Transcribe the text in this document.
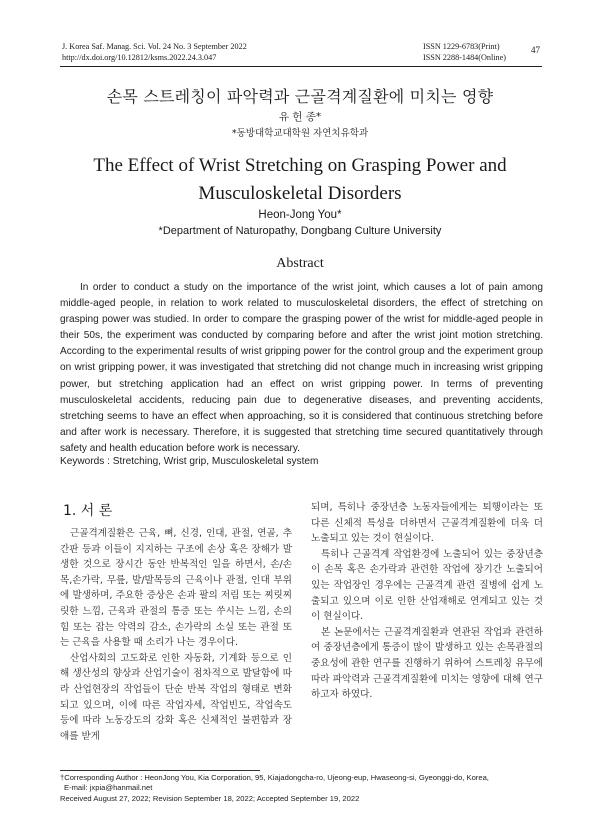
J. Korea Saf. Manag. Sci. Vol. 24 No. 3 September 2022
http://dx.doi.org/10.12812/ksms.2022.24.3.047
ISSN 1229-6783(Print)
ISSN 2288-1484(Online)
47
손목 스트레칭이 파악력과 근골격계질환에 미치는 영향
유 헌 종*
*동방대학교대학원 자연치유학과
The Effect of Wrist Stretching on Grasping Power and
Musculoskeletal Disorders
Heon-Jong You*
*Department of Naturopathy, Dongbang Culture University
Abstract
In order to conduct a study on the importance of the wrist joint, which causes a lot of pain among middle-aged people, in relation to work related to musculoskeletal disorders, the effect of stretching on grasping power was studied. In order to compare the grasping power of the wrist for middle-aged people in their 50s, the experiment was conducted by comparing before and after the wrist joint motion stretching. According to the experimental results of wrist gripping power for the control group and the experiment group on wrist gripping power, it was investigated that stretching did not change much in increasing wrist gripping power, but stretching application had an effect on wrist gripping power. In terms of preventing musculoskeletal accidents, reducing pain due to degenerative diseases, and preventing accidents, stretching seems to have an effect when approaching, so it is considered that continuous stretching before and after work is necessary. Therefore, it is suggested that stretching time secured quantitatively through safety and health education before work is necessary.
Keywords : Stretching, Wrist grip, Musculoskeletal system
1. 서 론

근골격계질환은 근육, 뼈, 신경, 인대, 관절, 연골, 추간판 등과 이들이 지지하는 구조에 손상 혹은 장해가 발생한 것으로 장시간 동안 반복적인 일을 하면서, 손/손목,손가락, 무릎, 발/발목등의 근육이나 관절, 인대 부위에 발생하며, 주요한 증상은 손과 팔의 저림 또는 찌릿찌릿한 느낌, 근육과 관절의 통증 또는 쑤시는 느낌, 손의 힘 또는 잡는 악력의 감소, 손가락의 소실 또는 관절 또는 근육을 사용할 때 소리가 나는 경우이다.

산업사회의 고도화로 인한 자동화, 기계화 등으로 인해 생산성의 향상과 산업기술이 점차적으로 발달함에 따라 산업현장의 작업들이 단순 반복 작업의 형태로 변화되고 있으며, 이에 따른 작업자세, 작업빈도, 작업속도 등에 따라 노동강도의 강화 혹은 신체적인 불편함과 장애를 받게

되며, 특히나 중장년층 노동자들에게는 퇴행이라는 또 다른 신체적 특성을 더하면서 근골격계질환에 더욱 더 노출되고 있는 것이 현실이다.

특히나 근골격계 작업환경에 노출되어 있는 중장년층이 손목 혹은 손가락과 관련한 작업에 장기간 노출되어 있는 작업장인 경우에는 근골격계 관련 질병에 쉽게 노출되고 있으며 이로 인한 산업재해로 연계되고 있는 것이 현실이다.

본 논문에서는 근골격계질환과 연관된 작업과 관련하여 중장년층에게 통증이 많이 발생하고 있는 손목관절의 중요성에 관한 연구를 진행하기 위하여 스트레칭 유무에 따라 파악력과 근골격계질환에 미치는 영향에 대해 연구하고자 하였다.

†Corresponding Author : HeonJong You, Kia Corporation, 95, Kiajadongcha-ro, Ujeong-eup, Hwaseong-si, Gyeonggi-do, Korea,
E-mail: jxpia@hanmail.net
Received August 27, 2022; Revision September 18, 2022; Accepted September 19, 2022
